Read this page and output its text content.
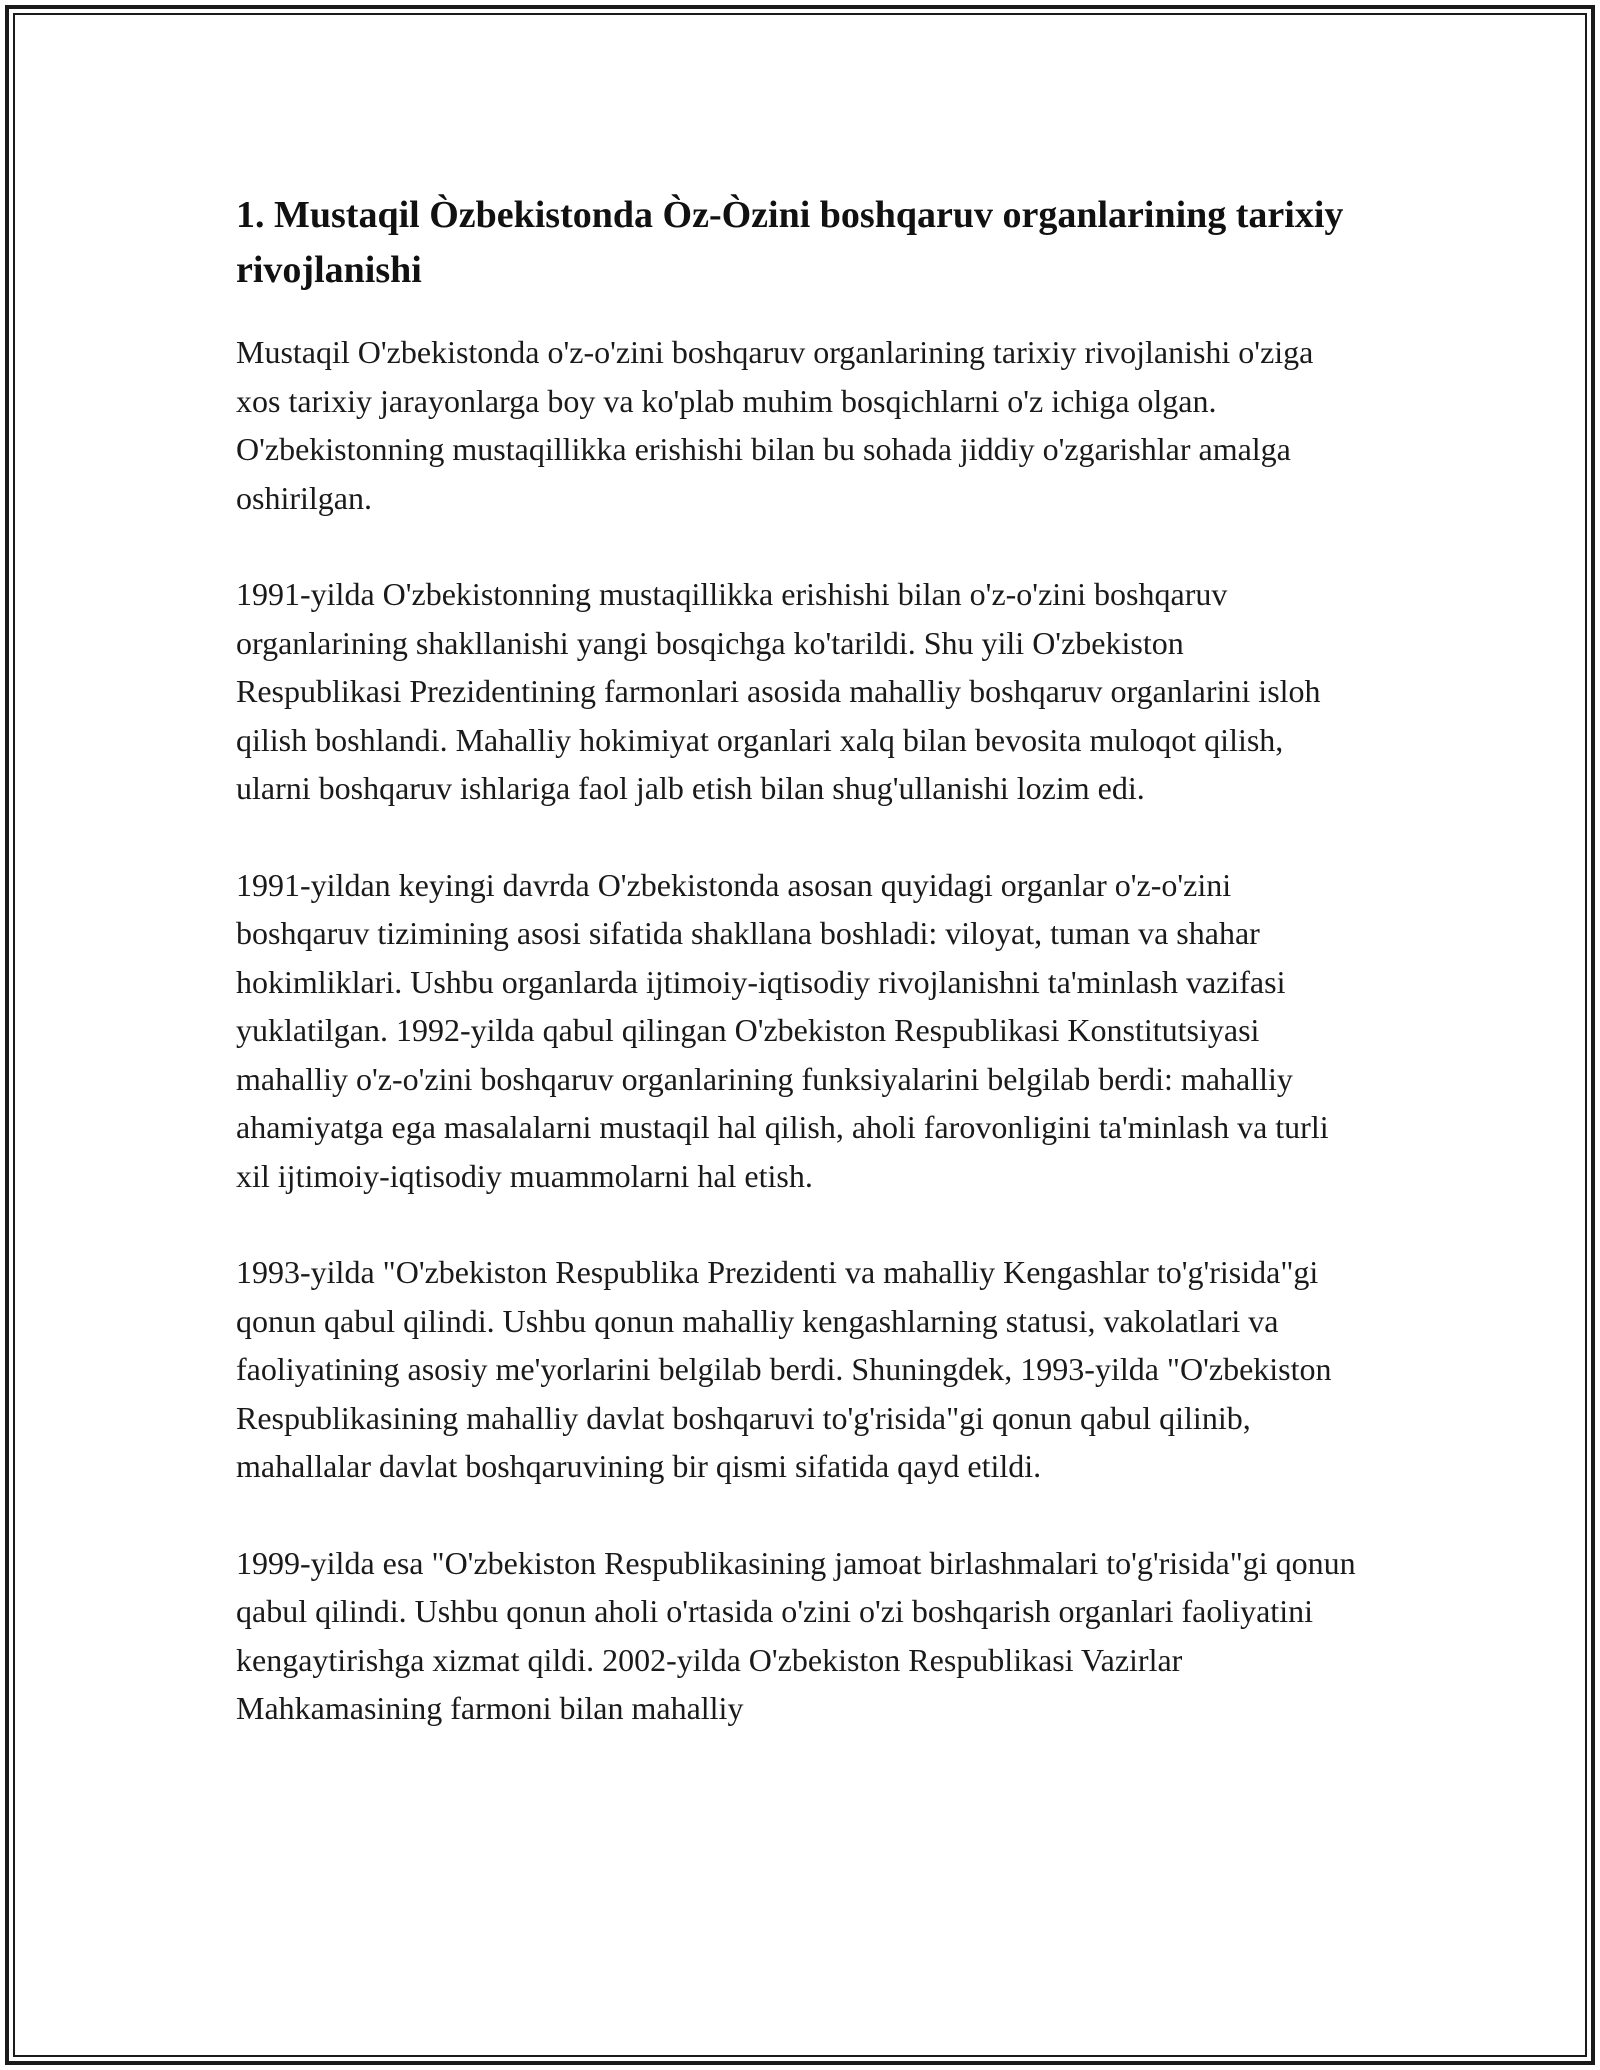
1. Mustaqil Òzbekistonda Òz-Òzini boshqaruv organlarining tarixiy rivojlanishi

Mustaqil O'zbekistonda o'z-o'zini boshqaruv organlarining tarixiy rivojlanishi o'ziga xos tarixiy jarayonlarga boy va ko'plab muhim bosqichlarni o'z ichiga olgan. O'zbekistonning mustaqillikka erishishi bilan bu sohada jiddiy o'zgarishlar amalga oshirilgan.

1991-yilda O'zbekistonning mustaqillikka erishishi bilan o'z-o'zini boshqaruv organlarining shakllanishi yangi bosqichga ko'tarildi. Shu yili O'zbekiston Respublikasi Prezidentining farmonlari asosida mahalliy boshqaruv organlarini isloh qilish boshlandi. Mahalliy hokimiyat organlari xalq bilan bevosita muloqot qilish, ularni boshqaruv ishlariga faol jalb etish bilan shug'ullanishi lozim edi.

1991-yildan keyingi davrda O'zbekistonda asosan quyidagi organlar o'z-o'zini boshqaruv tizimining asosi sifatida shakllana boshladi: viloyat, tuman va shahar hokimliklari. Ushbu organlarda ijtimoiy-iqtisodiy rivojlanishni ta'minlash vazifasi yuklatilgan. 1992-yilda qabul qilingan O'zbekiston Respublikasi Konstitutsiyasi mahalliy o'z-o'zini boshqaruv organlarining funksiyalarini belgilab berdi: mahalliy ahamiyatga ega masalalarni mustaqil hal qilish, aholi farovonligini ta'minlash va turli xil ijtimoiy-iqtisodiy muammolarni hal etish.

1993-yilda "O'zbekiston Respublika Prezidenti va mahalliy Kengashlar to'g'risida"gi qonun qabul qilindi. Ushbu qonun mahalliy kengashlarning statusi, vakolatlari va faoliyatining asosiy me'yorlarini belgilab berdi. Shuningdek, 1993-yilda "O'zbekiston Respublikasining mahalliy davlat boshqaruvi to'g'risida"gi qonun qabul qilinib, mahallalar davlat boshqaruvining bir qismi sifatida qayd etildi.

1999-yilda esa "O'zbekiston Respublikasining jamoat birlashmalari to'g'risida"gi qonun qabul qilindi. Ushbu qonun aholi o'rtasida o'zini o'zi boshqarish organlari faoliyatini kengaytirishga xizmat qildi. 2002-yilda O'zbekiston Respublikasi Vazirlar Mahkamasining farmoni bilan mahalliy
